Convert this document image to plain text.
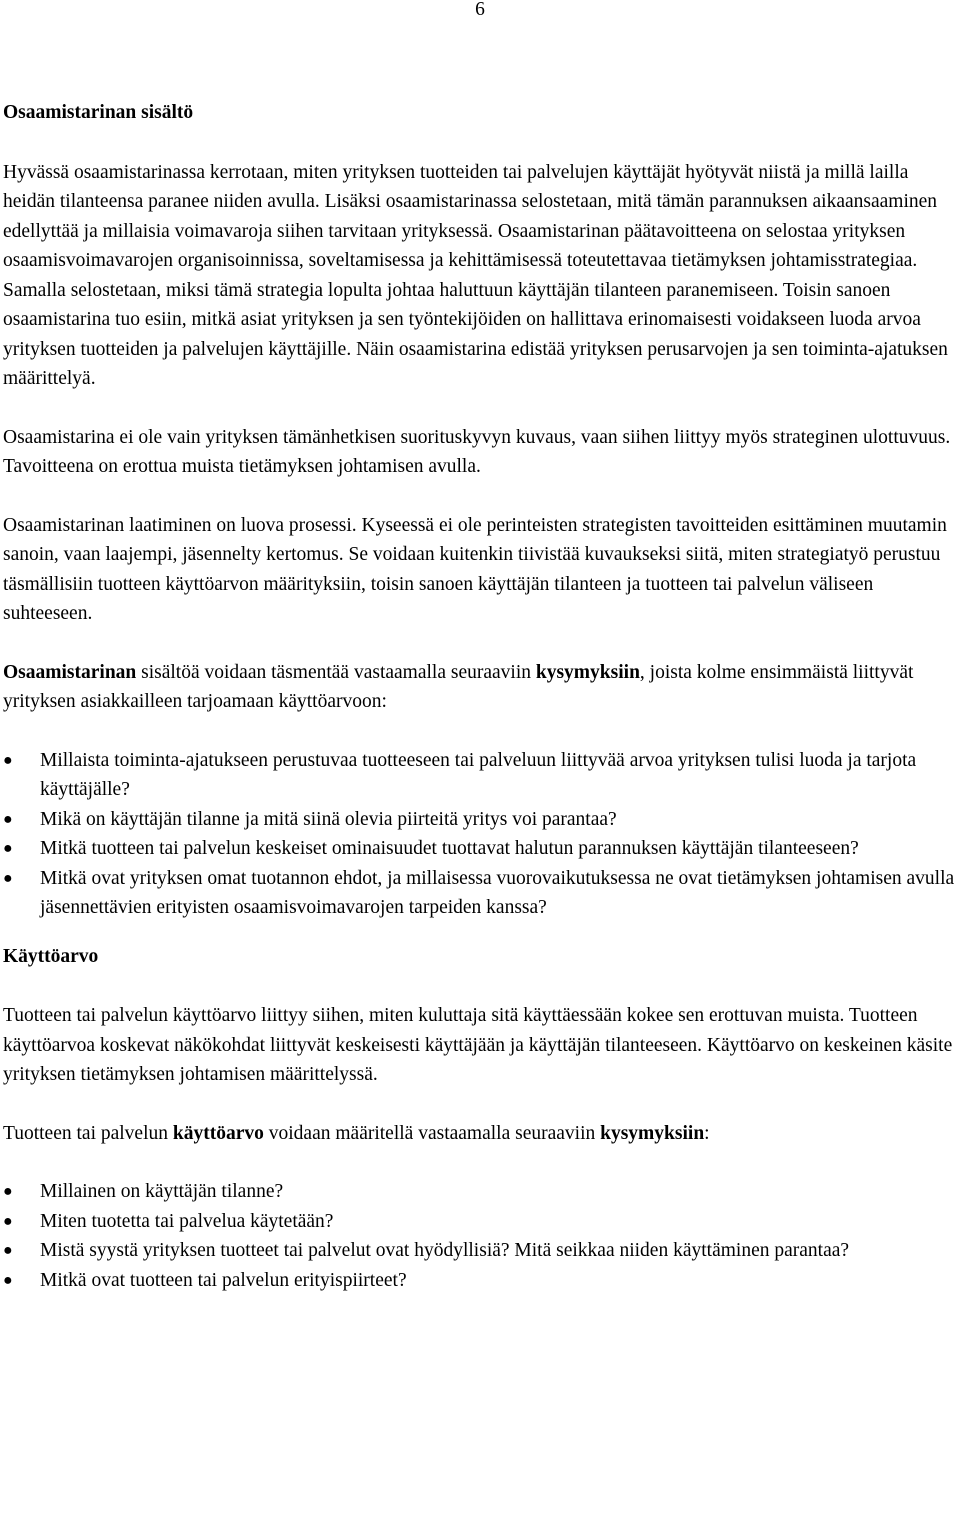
6
Osaamistarinan sisältö

Hyvässä osaamistarinassa kerrotaan, miten yrityksen tuotteiden tai palvelujen käyttäjät hyötyvät niistä ja millä lailla heidän tilanteensa paranee niiden avulla. Lisäksi osaamistarinassa selostetaan, mitä tämän parannuksen aikaansaaminen edellyttää ja millaisia voimavaroja siihen tarvitaan yrityksessä. Osaamistarinan päätavoitteena on selostaa yrityksen osaamisvoimavarojen organisoinnissa, soveltamisessa ja kehittämisessä toteutettavaa tietämyksen johtamisstrategiaa. Samalla selostetaan, miksi tämä strategia lopulta johtaa haluttuun käyttäjän tilanteen paranemiseen. Toisin sanoen osaamistarina tuo esiin, mitkä asiat yrityksen ja sen työntekijöiden on hallittava erinomaisesti voidakseen luoda arvoa yrityksen tuotteiden ja palvelujen käyttäjille. Näin osaamistarina edistää yrityksen perusarvojen ja sen toiminta-ajatuksen määrittelyä.

Osaamistarina ei ole vain yrityksen tämänhetkisen suorituskyvyn kuvaus, vaan siihen liittyy myös strateginen ulottuvuus. Tavoitteena on erottua muista tietämyksen johtamisen avulla.

Osaamistarinan laatiminen on luova prosessi. Kyseessä ei ole perinteisten strategisten tavoitteiden esittäminen muutamin sanoin, vaan laajempi, jäsennelty kertomus. Se voidaan kuitenkin tiivistää kuvaukseksi siitä, miten strategiatyö perustuu täsmällisiin tuotteen käyttöarvon määrityksiin, toisin sanoen käyttäjän tilanteen ja tuotteen tai palvelun väliseen suhteeseen.

Osaamistarinan sisältöä voidaan täsmentää vastaamalla seuraaviin kysymyksiin, joista kolme ensimmäistä liittyvät yrityksen asiakkailleen tarjoamaan käyttöarvoon:

● Millaista toiminta-ajatukseen perustuvaa tuotteeseen tai palveluun liittyvää arvoa yrityksen tulisi luoda ja tarjota käyttäjälle?
● Mikä on käyttäjän tilanne ja mitä siinä olevia piirteitä yritys voi parantaa?
● Mitkä tuotteen tai palvelun keskeiset ominaisuudet tuottavat halutun parannuksen käyttäjän tilanteeseen?
● Mitkä ovat yrityksen omat tuotannon ehdot, ja millaisessa vuorovaikutuksessa ne ovat tietämyksen johtamisen avulla jäsennettävien erityisten osaamisvoimavarojen tarpeiden kanssa?
Käyttöarvo

Tuotteen tai palvelun käyttöarvo liittyy siihen, miten kuluttaja sitä käyttäessään kokee sen erottuvan muista. Tuotteen käyttöarvoa koskevat näkökohdat liittyvät keskeisesti käyttäjään ja käyttäjän tilanteeseen. Käyttöarvo on keskeinen käsite yrityksen tietämyksen johtamisen määrittelyssä.

Tuotteen tai palvelun käyttöarvo voidaan määritellä vastaamalla seuraaviin kysymyksiin:

● Millainen on käyttäjän tilanne?
● Miten tuotetta tai palvelua käytetään?
● Mistä syystä yrityksen tuotteet tai palvelut ovat hyödyllisiä? Mitä seikkaa niiden käyttäminen parantaa?
● Mitkä ovat tuotteen tai palvelun erityispiirteet?
